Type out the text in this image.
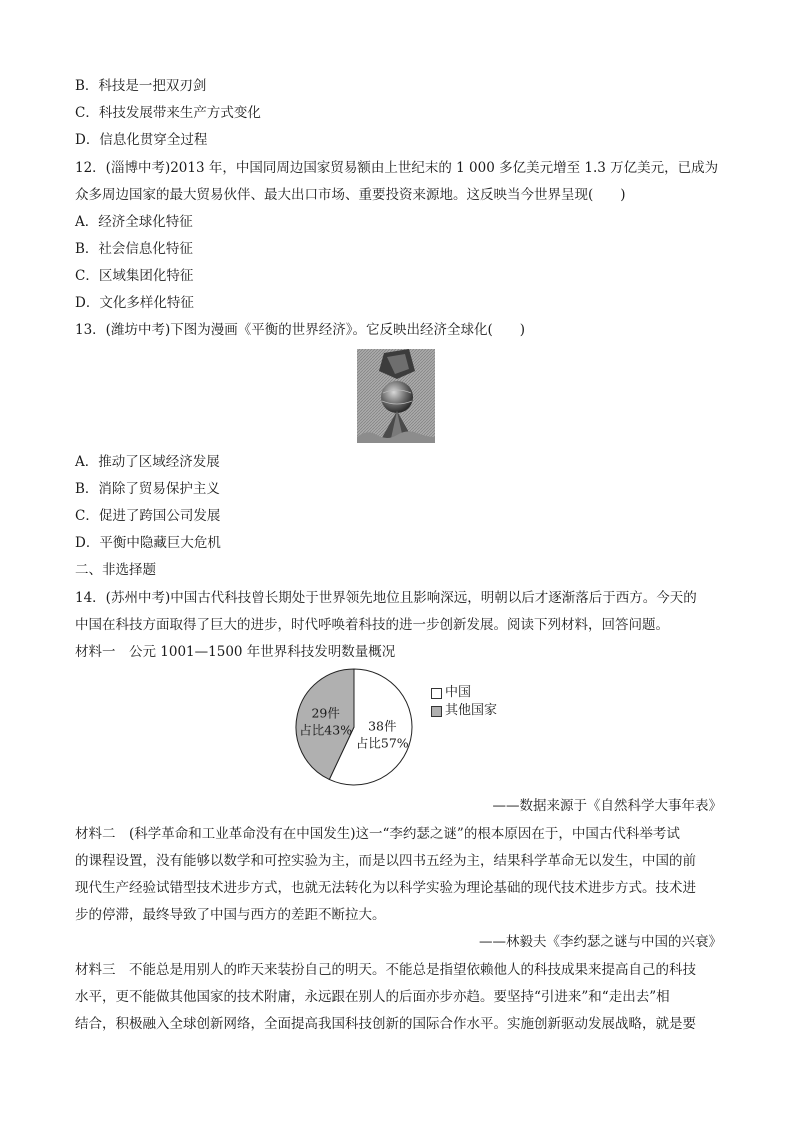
B．科技是一把双刃剑
C．科技发展带来生产方式变化
D．信息化贯穿全过程
12．(淄博中考)2013 年，中国同周边国家贸易额由上世纪末的 1 000 多亿美元增至 1.3 万亿美元，已成为
众多周边国家的最大贸易伙伴、最大出口市场、重要投资来源地。这反映当今世界呈现(　　)
A．经济全球化特征
B．社会信息化特征
C．区域集团化特征
D．文化多样化特征
13．(潍坊中考)下图为漫画《平衡的世界经济》。它反映出经济全球化(　　)
A．推动了区域经济发展
B．消除了贸易保护主义
C．促进了跨国公司发展
D．平衡中隐藏巨大危机
二、非选择题
14．(苏州中考)中国古代科技曾长期处于世界领先地位且影响深远，明朝以后才逐渐落后于西方。今天的
中国在科技方面取得了巨大的进步，时代呼唤着科技的进一步创新发展。阅读下列材料，回答问题。
材料一　公元 1001—1500 年世界科技发明数量概况
38件
占比57%
29件
占比43%
中国
其他国家
——数据来源于《自然科学大事年表》
材料二　(科学革命和工业革命没有在中国发生)这一“李约瑟之谜”的根本原因在于，中国古代科举考试
的课程设置，没有能够以数学和可控实验为主，而是以四书五经为主，结果科学革命无以发生，中国的前
现代生产经验试错型技术进步方式，也就无法转化为以科学实验为理论基础的现代技术进步方式。技术进
步的停滞，最终导致了中国与西方的差距不断拉大。
——林毅夫《李约瑟之谜与中国的兴衰》
材料三　不能总是用别人的昨天来装扮自己的明天。不能总是指望依赖他人的科技成果来提高自己的科技
水平，更不能做其他国家的技术附庸，永远跟在别人的后面亦步亦趋。要坚持“引进来”和“走出去”相
结合，积极融入全球创新网络，全面提高我国科技创新的国际合作水平。实施创新驱动发展战略，就是要
